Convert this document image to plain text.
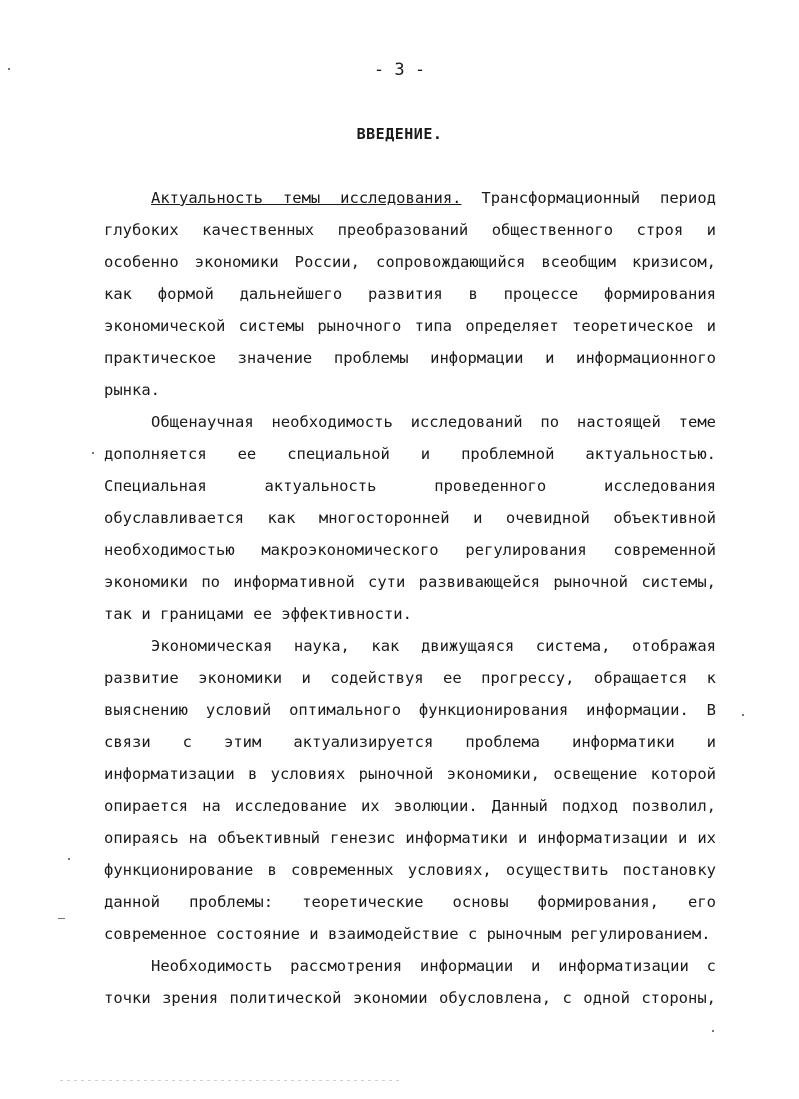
- 3 -
ВВЕДЕНИЕ.
Актуальность темы исследования. Трансформационный период
глубоких качественных преобразований общественного строя и
особенно экономики России, сопровождающийся всеобщим кризисом,
как формой дальнейшего развития в процессе формирования
экономической системы рыночного типа определяет теоретическое и
практическое значение проблемы информации и информационного
рынка.
Общенаучная необходимость исследований по настоящей теме
дополняется ее специальной и проблемной актуальностью.
Специальная актуальность проведенного исследования
обуславливается как многосторонней и очевидной объективной
необходимостью макроэкономического регулирования современной
экономики по информативной сути развивающейся рыночной системы,
так и границами ее эффективности.
Экономическая наука, как движущаяся система, отображая
развитие экономики и содействуя ее прогрессу, обращается к
выяснению условий оптимального функционирования информации. В
связи с этим актуализируется проблема информатики и
информатизации в условиях рыночной экономики, освещение которой
опирается на исследование их эволюции. Данный подход позволил,
опираясь на объективный генезис информатики и информатизации и их
функционирование в современных условиях, осуществить постановку
данной проблемы: теоретические основы формирования, его
современное состояние и взаимодействие с рыночным регулированием.
Необходимость рассмотрения информации и информатизации с
точки зрения политической экономии обусловлена, с одной стороны,
